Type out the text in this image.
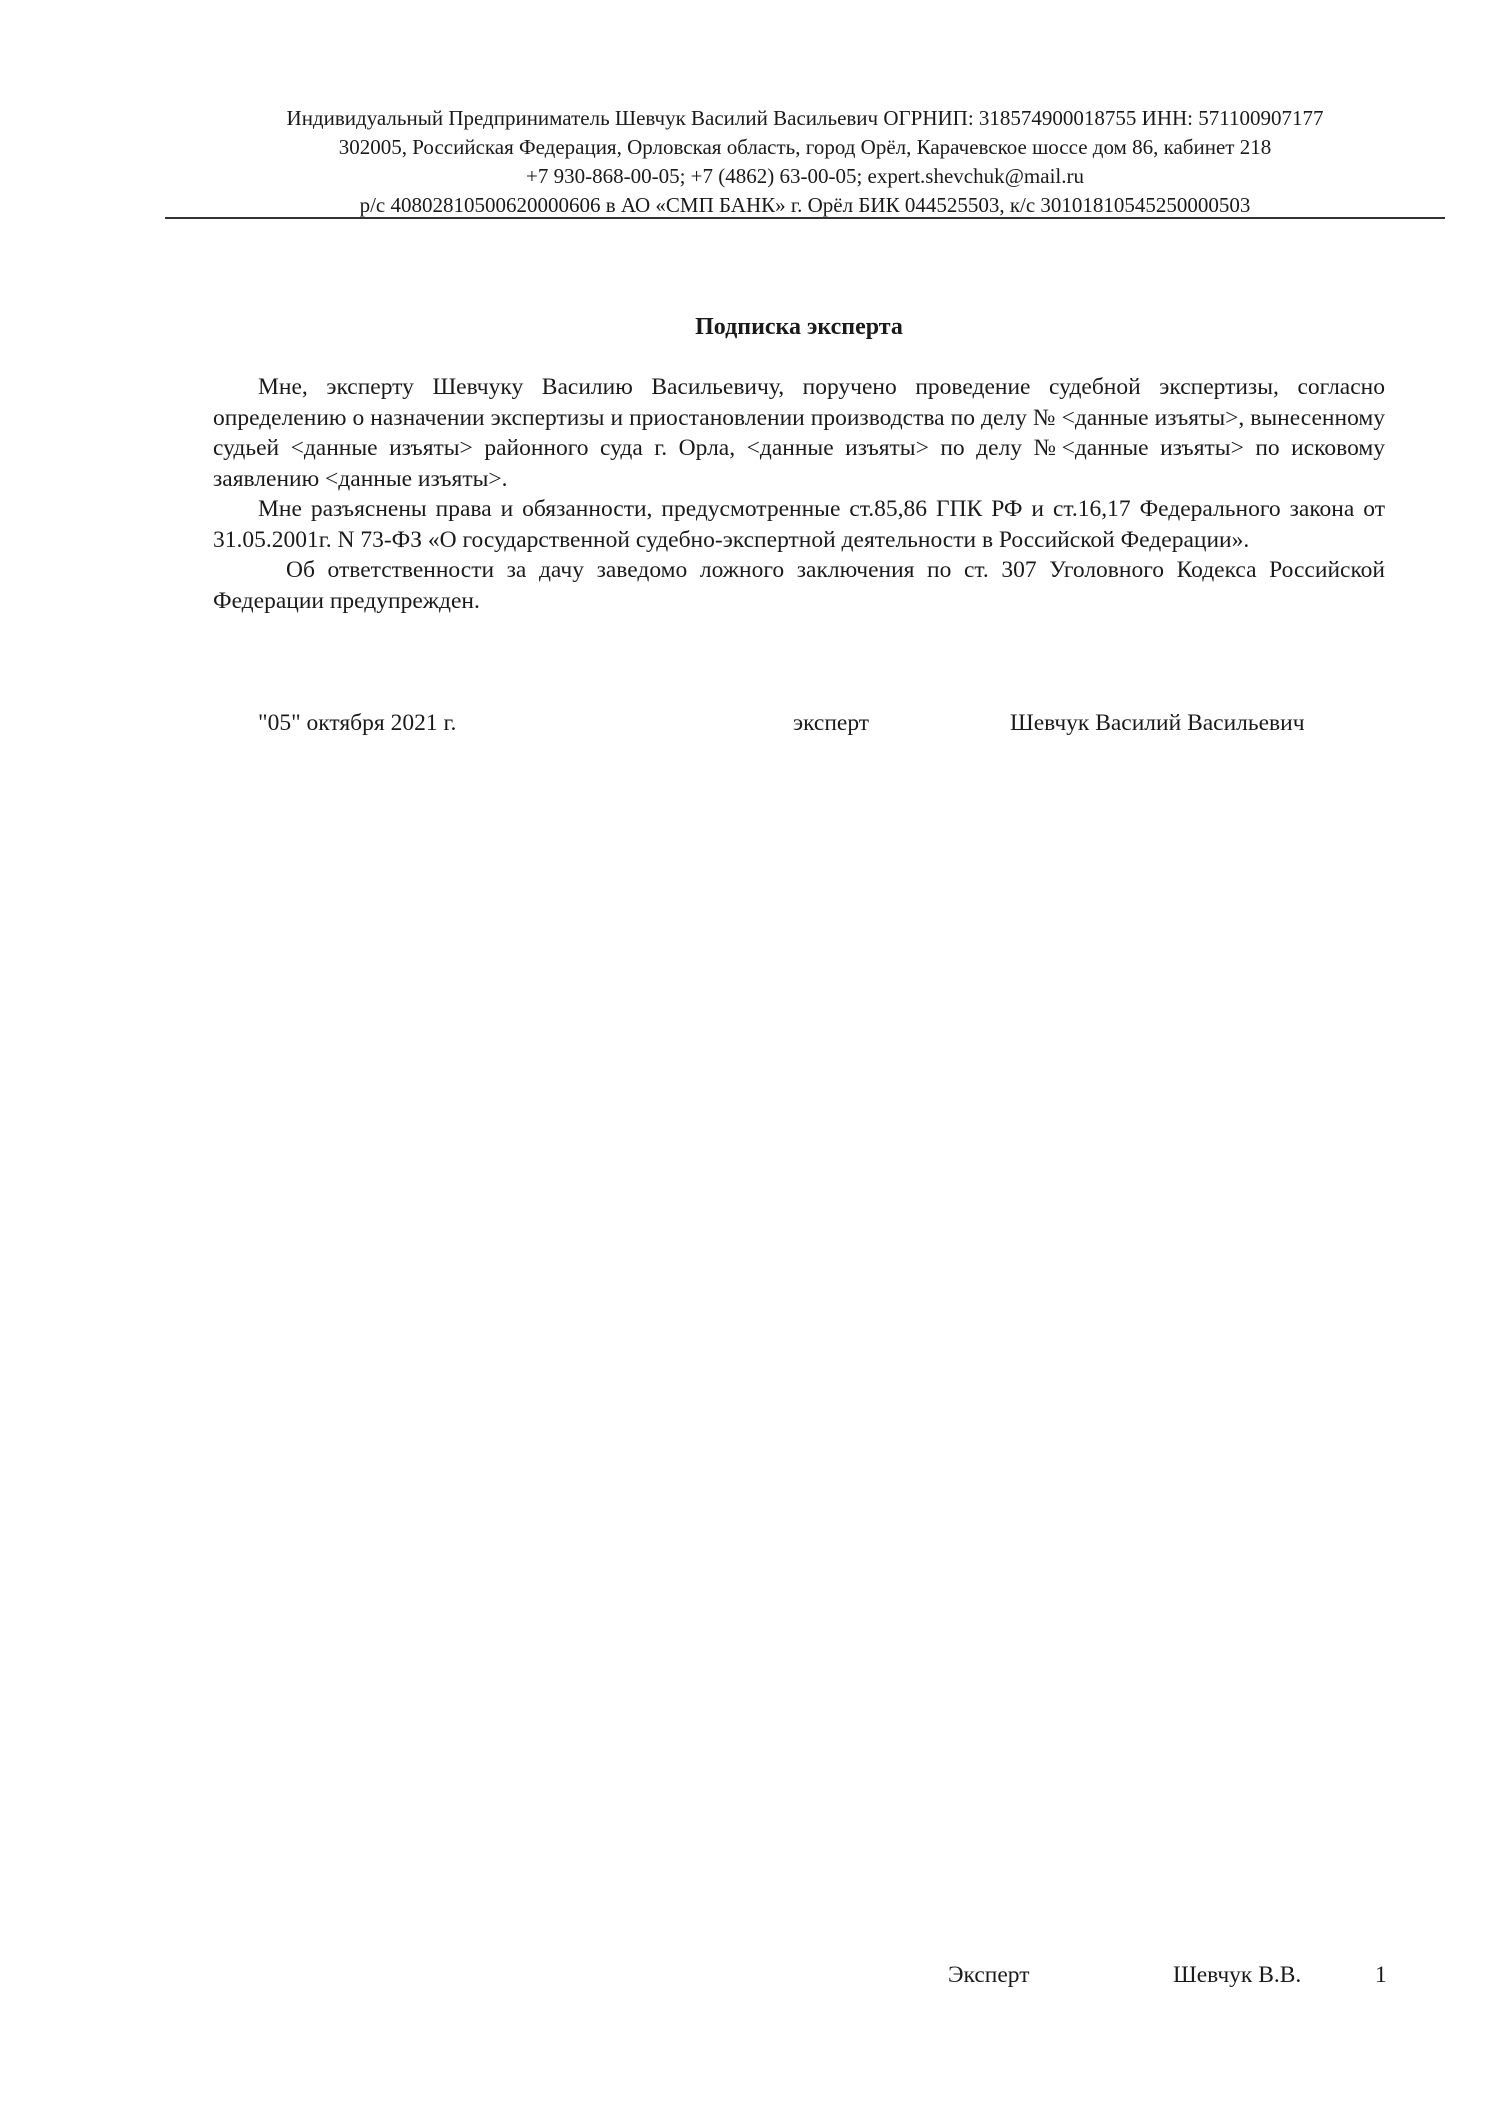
Индивидуальный Предприниматель Шевчук Василий Васильевич ОГРНИП: 318574900018755 ИНН: 571100907177
302005, Российская Федерация, Орловская область, город Орёл, Карачевское шоссе дом 86, кабинет 218
+7 930-868-00-05; +7 (4862) 63-00-05; expert.shevchuk@mail.ru
р/с 40802810500620000606 в АО «СМП БАНК» г. Орёл БИК 044525503, к/с 30101810545250000503
Подписка эксперта

Мне, эксперту Шевчуку Василию Васильевичу, поручено проведение судебной экспертизы, согласно определению о назначении экспертизы и приостановлении производства по делу № <данные изъяты>, вынесенному судьей <данные изъяты> районного суда г. Орла, <данные изъяты> по делу №<данные изъяты> по исковому заявлению <данные изъяты>.

Мне разъяснены права и обязанности, предусмотренные ст.85,86 ГПК РФ и ст.16,17 Федерального закона от 31.05.2001г. N 73-ФЗ «О государственной судебно-экспертной деятельности в Российской Федерации».

Об ответственности за дачу заведомо ложного заключения по ст. 307 Уголовного Кодекса Российской Федерации предупрежден.

"05" октября 2021 г.	эксперт	Шевчук Василий Васильевич
Эксперт	Шевчук В.В.	1
